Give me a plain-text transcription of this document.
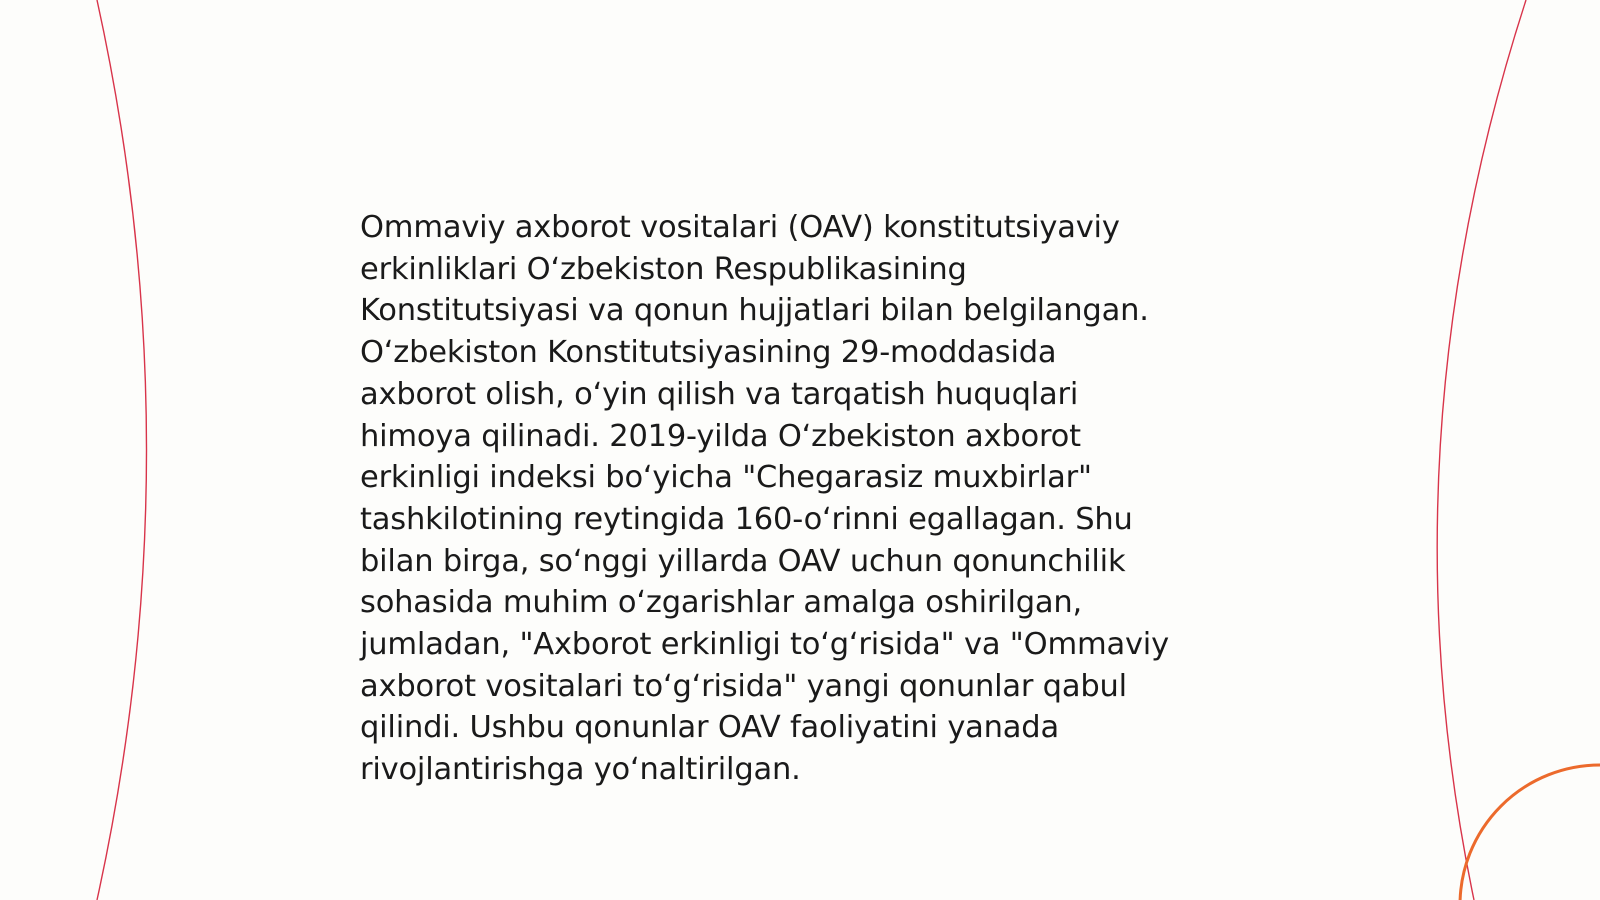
Ommaviy axborot vositalari (OAV) konstitutsiyaviy
erkinliklari O‘zbekiston Respublikasining
Konstitutsiyasi va qonun hujjatlari bilan belgilangan.
O‘zbekiston Konstitutsiyasining 29-moddasida
axborot olish, o‘yin qilish va tarqatish huquqlari
himoya qilinadi. 2019-yilda O‘zbekiston axborot
erkinligi indeksi bo‘yicha "Chegarasiz muxbirlar"
tashkilotining reytingida 160-o‘rinni egallagan. Shu
bilan birga, so‘nggi yillarda OAV uchun qonunchilik
sohasida muhim o‘zgarishlar amalga oshirilgan,
jumladan, "Axborot erkinligi to‘g‘risida" va "Ommaviy
axborot vositalari to‘g‘risida" yangi qonunlar qabul
qilindi. Ushbu qonunlar OAV faoliyatini yanada
rivojlantirishga yo‘naltirilgan.
